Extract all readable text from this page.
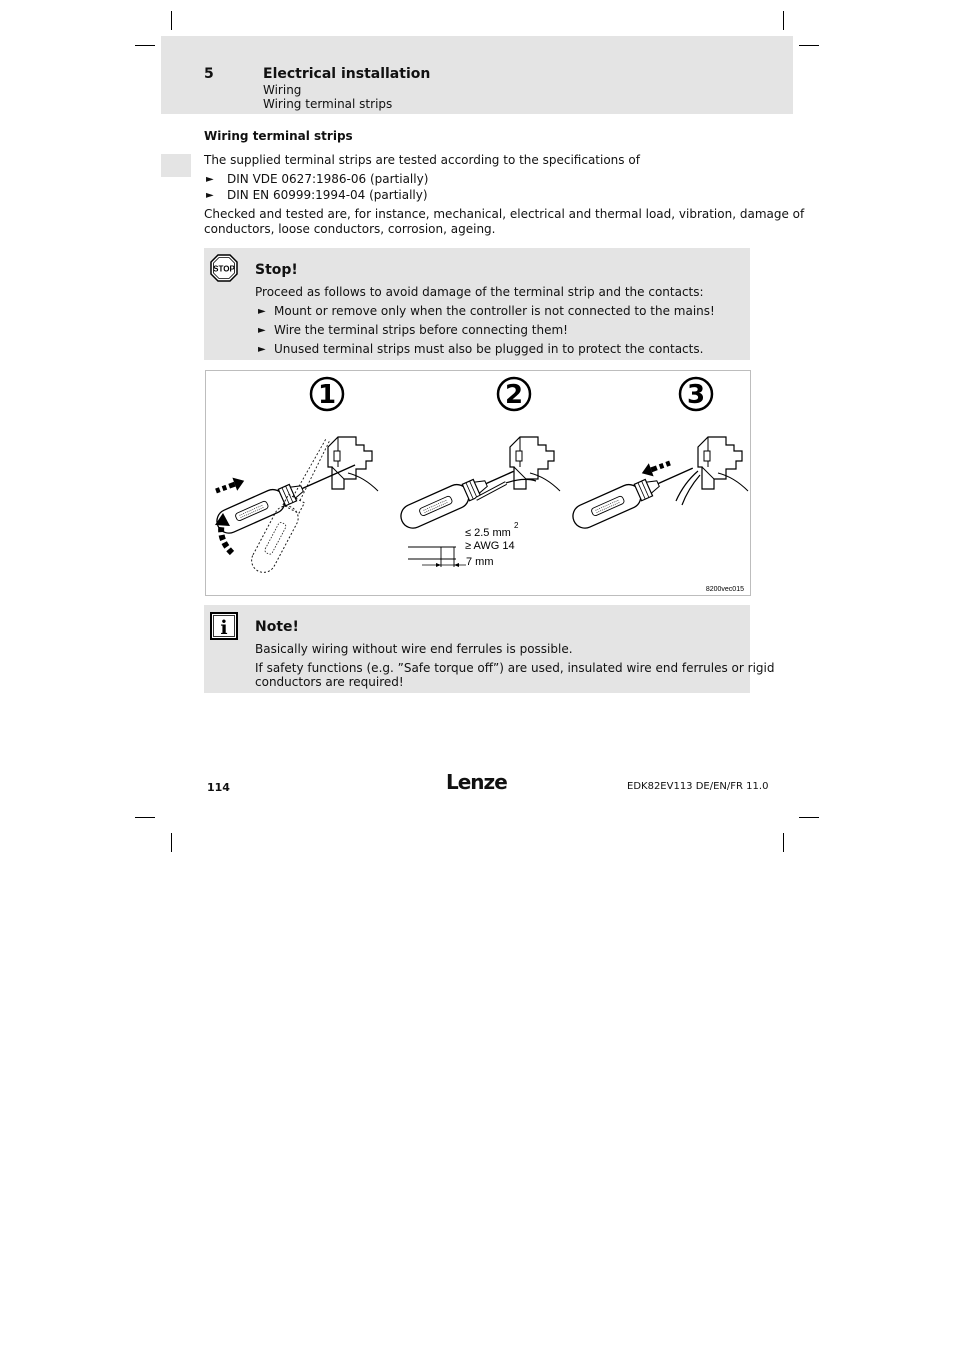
5	Electrical installation
Wiring
Wiring terminal strips
Wiring terminal strips
The supplied terminal strips are tested according to the specifications of
► DIN VDE 0627:1986-06 (partially)
► DIN EN 60999:1994-04 (partially)
Checked and tested are, for instance, mechanical, electrical and thermal load, vibration, damage of
conductors, loose conductors, corrosion, ageing.
STOP Stop!
Proceed as follows to avoid damage of the terminal strip and the contacts:
► Mount or remove only when the controller is not connected to the mains!
► Wire the terminal strips before connecting them!
► Unused terminal strips must also be plugged in to protect the contacts.
1	2	3
≤ 2.5 mm
2
≥ AWG 14
7 mm
8200vec015
i Note!
Basically wiring without wire end ferrules is possible.
If safety functions (e.g. ”Safe torque off”) are used, insulated wire end ferrules or rigid
conductors are required!
114	Lenze	EDK82EV113 DE/EN/FR 11.0
